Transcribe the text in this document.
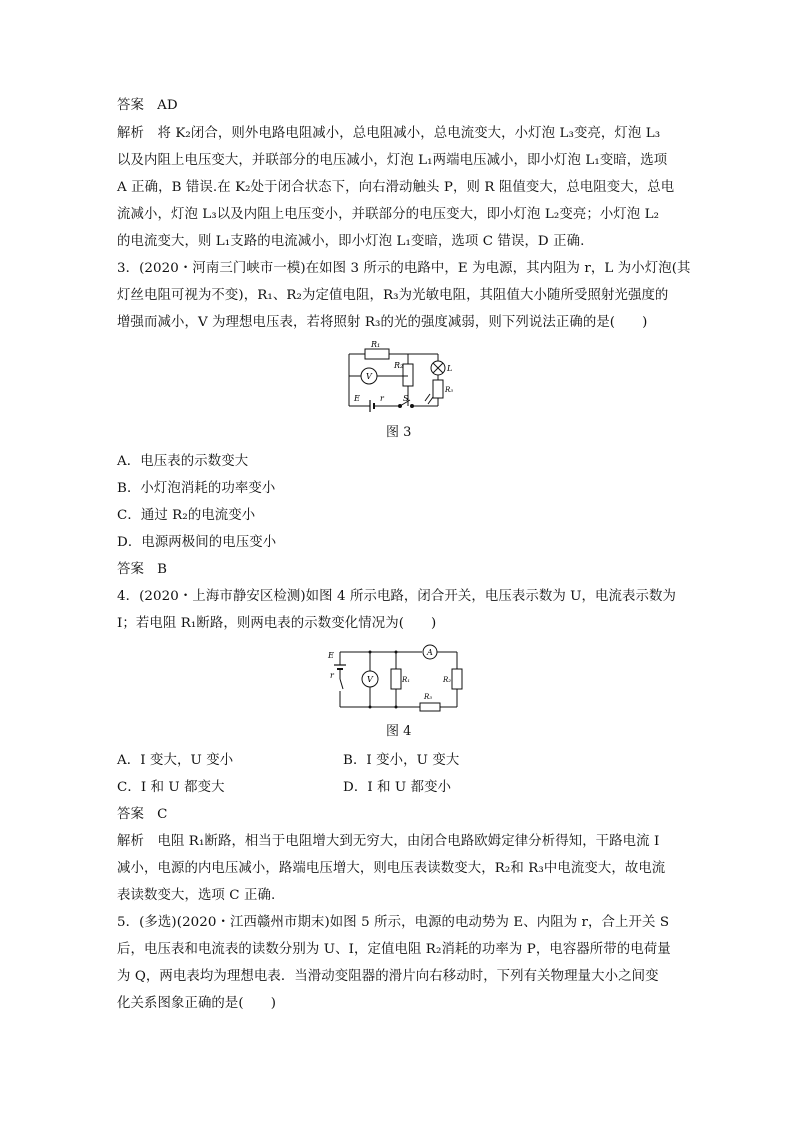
答案 AD
解析　将 K₂闭合，则外电路电阻减小，总电阻减小，总电流变大，小灯泡 L₃变亮，灯泡 L₃
以及内阻上电压变大，并联部分的电压减小，灯泡 L₁两端电压减小，即小灯泡 L₁变暗，选项
A 正确，B 错误.在 K₂处于闭合状态下，向右滑动触头 P，则 R 阻值变大，总电阻变大，总电
流减小，灯泡 L₃以及内阻上电压变小，并联部分的电压变大，即小灯泡 L₂变亮；小灯泡 L₂
的电流变大，则 L₁支路的电流减小，即小灯泡 L₁变暗，选项 C 错误，D 正确.
3．(2020・河南三门峡市一模)在如图 3 所示的电路中，E 为电源，其内阻为 r，L 为小灯泡(其
灯丝电阻可视为不变)，R₁、R₂为定值电阻，R₃为光敏电阻，其阻值大小随所受照射光强度的
增强而减小，V 为理想电压表，若将照射 R₃的光的强度减弱，则下列说法正确的是(　　)
R₁
V
R₂	L
R₃
E	r S
图 3
A．电压表的示数变大
B．小灯泡消耗的功率变小
C．通过 R₂的电流变小
D．电源两极间的电压变小
答案 B
4．(2020・上海市静安区检测)如图 4 所示电路，闭合开关，电压表示数为 U，电流表示数为
I；若电阻 R₁断路，则两电表的示数变化情况为(　　)
E
r	V
A
R₁	R₂
R₃
图 4
A．I 变大，U 变小	B．I 变小，U 变大
C．I 和 U 都变大	D．I 和 U 都变小
答案 C
解析　电阻 R₁断路，相当于电阻增大到无穷大，由闭合电路欧姆定律分析得知，干路电流 I
减小，电源的内电压减小，路端电压增大，则电压表读数变大，R₂和 R₃中电流变大，故电流
表读数变大，选项 C 正确.
5．(多选)(2020・江西赣州市期末)如图 5 所示，电源的电动势为 E、内阻为 r，合上开关 S
后，电压表和电流表的读数分别为 U、I，定值电阻 R₂消耗的功率为 P，电容器所带的电荷量
为 Q，两电表均为理想电表．当滑动变阻器的滑片向右移动时，下列有关物理量大小之间变
化关系图象正确的是(　　)
